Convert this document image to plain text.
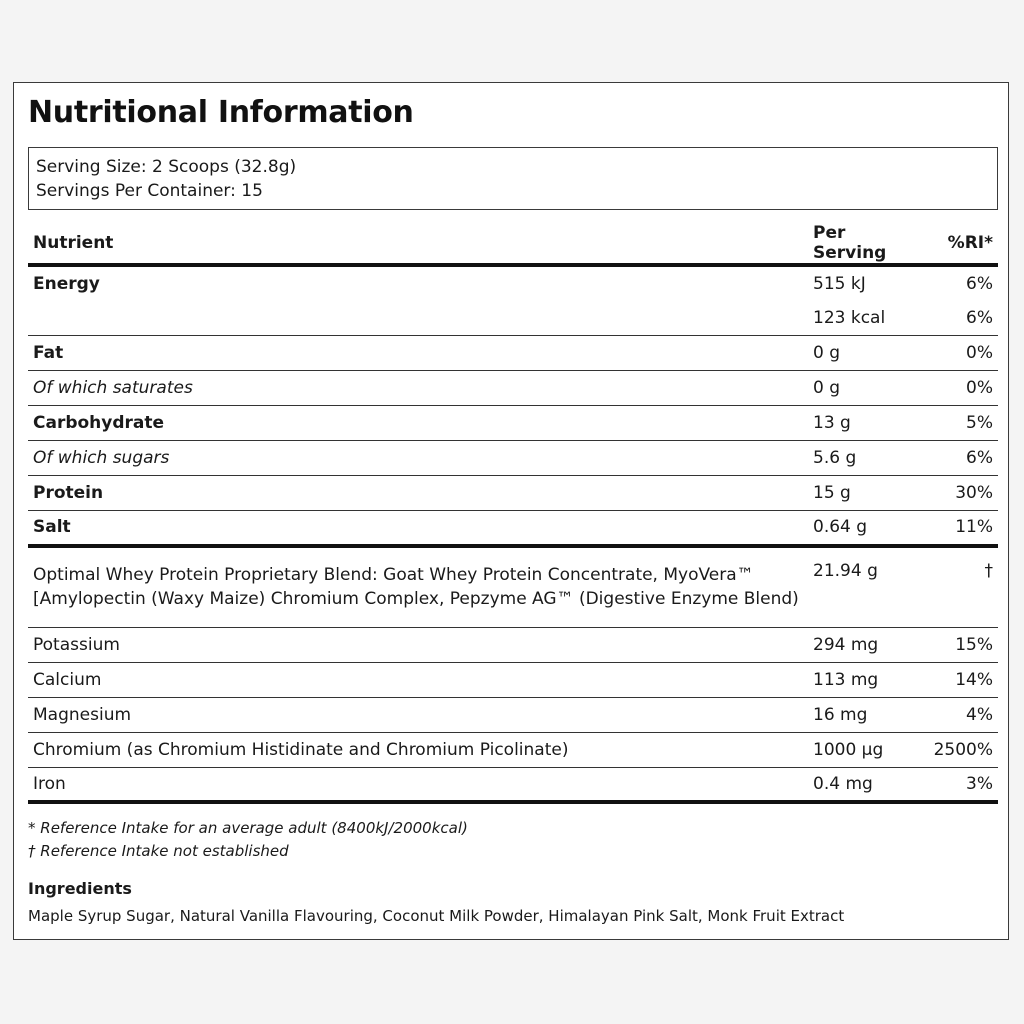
Nutritional Information
Serving Size: 2 Scoops (32.8g)
Servings Per Container: 15
Nutrient	Per Serving	%RI*
Energy	515 kJ	6%
	123 kcal	6%
Fat	0 g	0%
Of which saturates	0 g	0%
Carbohydrate	13 g	5%
Of which sugars	5.6 g	6%
Protein	15 g	30%
Salt	0.64 g	11%

Optimal Whey Protein Proprietary Blend: Goat Whey Protein Concentrate, MyoVera™
[Amylopectin (Waxy Maize) Chromium Complex, Pepzyme AG™ (Digestive Enzyme Blend)	21.94 g	†
Potassium	294 mg	15%
Calcium	113 mg	14%
Magnesium	16 mg	4%
Chromium (as Chromium Histidinate and Chromium Picolinate)	1000 µg	2500%
Iron	0.4 mg	3%
* Reference Intake for an average adult (8400kJ/2000kcal)
† Reference Intake not established
Ingredients
Maple Syrup Sugar, Natural Vanilla Flavouring, Coconut Milk Powder, Himalayan Pink Salt, Monk Fruit Extract
